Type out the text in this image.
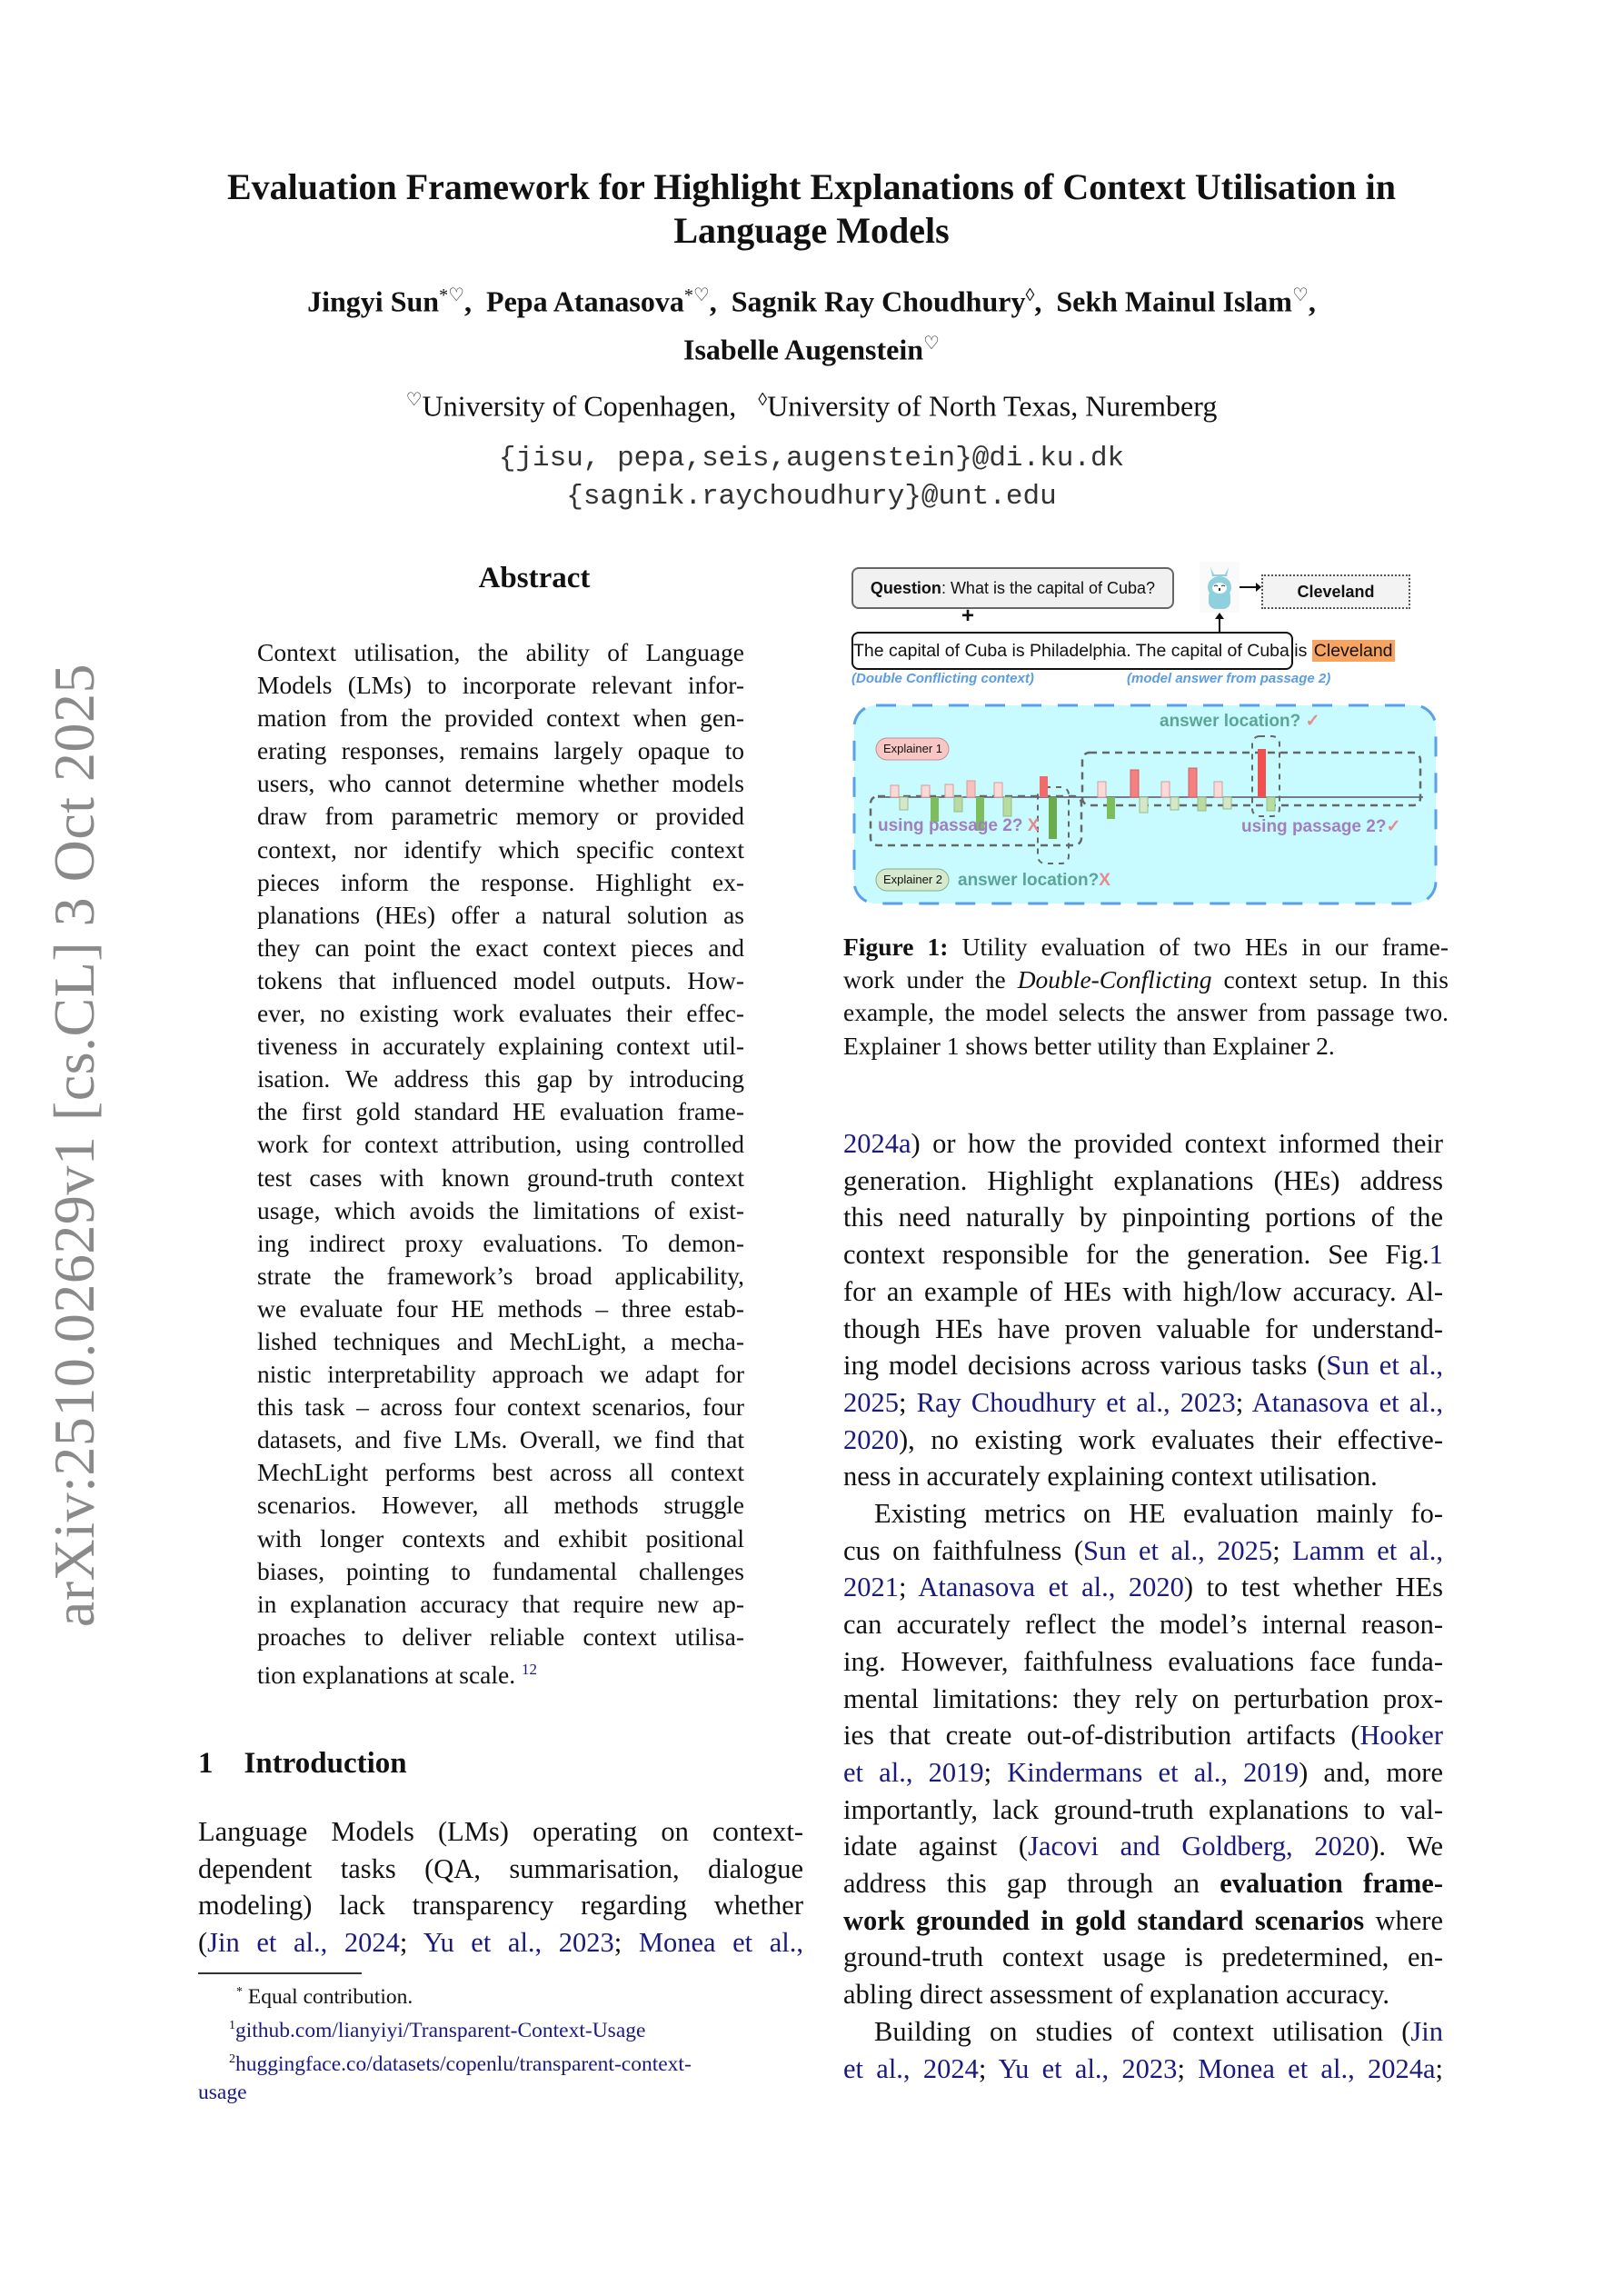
arXiv:2510.02629v1 [cs.CL] 3 Oct 2025
Evaluation Framework for Highlight Explanations of Context Utilisation in
Language Models
Jingyi Sun*♡,  Pepa Atanasova*♡,  Sagnik Ray Choudhury◊,  Sekh Mainul Islam♡,
Isabelle Augenstein♡
♡University of Copenhagen, ◊University of North Texas, Nuremberg
{jisu, pepa,seis,augenstein}@di.ku.dk
{sagnik.raychoudhury}@unt.edu
Abstract
Context utilisation, the ability of Language
Models (LMs) to incorporate relevant infor-
mation from the provided context when gen-
erating responses, remains largely opaque to
users, who cannot determine whether models
draw from parametric memory or provided
context, nor identify which specific context
pieces inform the response. Highlight ex-
planations (HEs) offer a natural solution as
they can point the exact context pieces and
tokens that influenced model outputs. How-
ever, no existing work evaluates their effec-
tiveness in accurately explaining context util-
isation. We address this gap by introducing
the first gold standard HE evaluation frame-
work for context attribution, using controlled
test cases with known ground-truth context
usage, which avoids the limitations of exist-
ing indirect proxy evaluations. To demon-
strate the framework’s broad applicability,
we evaluate four HE methods – three estab-
lished techniques and MechLight, a mecha-
nistic interpretability approach we adapt for
this task – across four context scenarios, four
datasets, and five LMs. Overall, we find that
MechLight performs best across all context
scenarios. However, all methods struggle
with longer contexts and exhibit positional
biases, pointing to fundamental challenges
in explanation accuracy that require new ap-
proaches to deliver reliable context utilisa-
tion explanations at scale. $^{12}$
1 Introduction
Language Models (LMs) operating on context-
dependent tasks (QA, summarisation, dialogue
modeling) lack transparency regarding whether
(Jin et al., 2024; Yu et al., 2023; Monea et al.,
* Equal contribution.
$^1$github.com/lianyiyi/Transparent-Context-Usage
$^2$huggingface.co/datasets/copenlu/transparent-context-
usage
Question: What is the capital of Cuba?
+
The capital of Cuba is Philadelphia. The capital of Cuba is Cleveland
(Double Conflicting context)	(model answer from passage 2)
Cleveland
Explainer 1
Explainer 2
answer location? ✓
using passage 2? X	using passage 2?✓
answer location?X
Figure 1: Utility evaluation of two HEs in our frame-
work under the Double-Conflicting context setup. In this
example, the model selects the answer from passage two.
Explainer 1 shows better utility than Explainer 2.
2024a) or how the provided context informed their
generation. Highlight explanations (HEs) address
this need naturally by pinpointing portions of the
context responsible for the generation. See Fig.1
for an example of HEs with high/low accuracy. Al-
though HEs have proven valuable for understand-
ing model decisions across various tasks (Sun et al.,
2025; Ray Choudhury et al., 2023; Atanasova et al.,
2020), no existing work evaluates their effective-
ness in accurately explaining context utilisation.
Existing metrics on HE evaluation mainly fo-
cus on faithfulness (Sun et al., 2025; Lamm et al.,
2021; Atanasova et al., 2020) to test whether HEs
can accurately reflect the model’s internal reason-
ing. However, faithfulness evaluations face funda-
mental limitations: they rely on perturbation prox-
ies that create out-of-distribution artifacts (Hooker
et al., 2019; Kindermans et al., 2019) and, more
importantly, lack ground-truth explanations to val-
idate against (Jacovi and Goldberg, 2020). We
address this gap through an evaluation frame-
work grounded in gold standard scenarios where
ground-truth context usage is predetermined, en-
abling direct assessment of explanation accuracy.
Building on studies of context utilisation (Jin
et al., 2024; Yu et al., 2023; Monea et al., 2024a;
